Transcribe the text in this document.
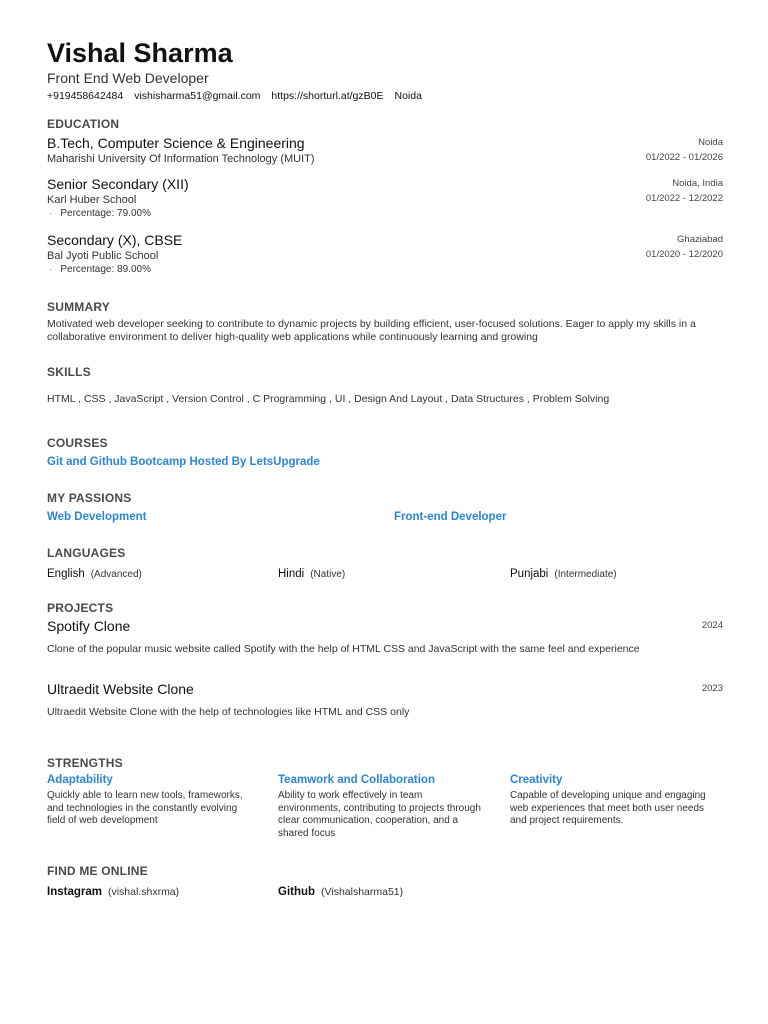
Vishal Sharma
Front End Web Developer
+919458642484 vishisharma51@gmail.com https://shorturl.at/gzB0E Noida
EDUCATION
B.Tech, Computer Science & Engineering
Maharishi University Of Information Technology (MUIT)
Noida
01/2022 - 01/2026
Senior Secondary (XII)
Karl Huber School
· Percentage: 79.00%
Noida, India
01/2022 - 12/2022
Secondary (X), CBSE
Bal Jyoti Public School
· Percentage: 89.00%
Ghaziabad
01/2020 - 12/2020
SUMMARY
Motivated web developer seeking to contribute to dynamic projects by building efficient, user-focused solutions. Eager to apply my skills in a collaborative environment to deliver high-quality web applications while continuously learning and growing
SKILLS
HTML , CSS , JavaScript , Version Control , C Programming , UI , Design And Layout , Data Structures , Problem Solving
COURSES
Git and Github Bootcamp Hosted By LetsUpgrade
MY PASSIONS
Web Development	Front-end Developer
LANGUAGES
English (Advanced)	Hindi (Native)	Punjabi (Intermediate)
PROJECTS
Spotify Clone	2024
Clone of the popular music website called Spotify with the help of HTML CSS and JavaScript with the same feel and experience
Ultraedit Website Clone	2023
Ultraedit Website Clone with the help of technologies like HTML and CSS only
STRENGTHS
Adaptability
Quickly able to learn new tools, frameworks, and technologies in the constantly evolving field of web development
Teamwork and Collaboration
Ability to work effectively in team environments, contributing to projects through clear communication, cooperation, and a shared focus
Creativity
Capable of developing unique and engaging web experiences that meet both user needs and project requirements.
FIND ME ONLINE
Instagram (vishal.shxrma)	Github (Vishalsharma51)
